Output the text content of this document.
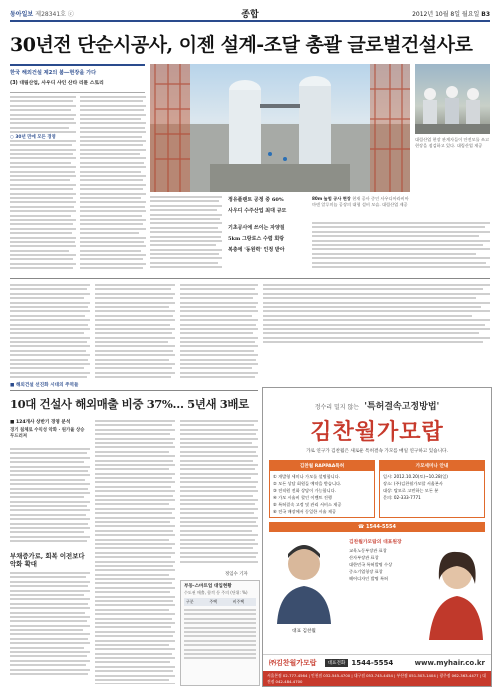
동아일보 제28341호 ⓒ	종합	2012년 10월 8일 월요일 B3
30년전 단순시공사, 이젠 설계-조달 총괄 글로벌건설사로
한국 해외건설 제2의 붐―현장을 가다
(3) 대림산업, 사우디 샤인 산타 리튠 스토리
○ 30년 만에 모든 경영
정유플랜트 공정 중 60%
사우디 수주산업 최대 규모
기초공사에 쓰이는 자양질
5km 그랑로스 수렴 회랑
복층에 '동원력' 인정 받아
80m 높힘 공사 현장 현재 공사 중인 사우디아라비아 마덴 알루미늄 공장의 대형 설비 모습. 대림산업 제공
대림산업 현장 관계자들이 안전모를 쓰고 현장을 점검하고 있다. 대림산업 제공
■ 해외건설 선진화 시대의 주역들
10대 건설사 해외매출 비중 37%… 5년새 3배로
■ 124개사 상반기 경영 분석
경기 침체로 수익성 악화 · 원가율 상승 두드러져
부채증가로, 회복 이전보다 악화 확대
정임수 기자
부동·스마트업 대입현황
수도권 매출, 합격 등 주의 (단위: %)
구분	주택	비주택
정수리 밀지 않는 '특허결속고정방법'
김찬월가모랍
가로 연구가 김찬월은 새로운 특허결속 가모를 매일 연구하고 있습니다.
김찬월 RAPPAA특허
① 개발형 세미나 가모를 설명합니다.
② 모든 상담 회원들 예약을 받습니다.
③ 전직원 전화 상담이 가능합니다.
④ 가모 시술비 할인 이벤트 진행
⑤ 특허결속 고정 및 관리 서비스 제공
⑥ 전국 매장에서 동일한 시술 제공
가모세미나 안내
일시: 2012.10.20(토)~10.28(일)
장소: (주)김찬월가모랍 서울본사
대상: 탈모로 고민하는 모든 분
문의: 02-333-7771
☎ 1544-5554
대표 김찬월
김찬월가모랍의 대표원장
교육노동부장관 표창
산자부장관 표창
대한민국 특허발명 수상
중소기업청장 표창
헤어디자인 발명 특허
㈜김찬월가모랍	대표전화 1544-5554	www.myhair.co.kr
서울본점 02-777-4564 | 인천점 032-545-4700 | 대구점 053-745-4454 | 부산점 051-503-1404 | 광주점 062-363-4477 | 대전점 042-484-4700
